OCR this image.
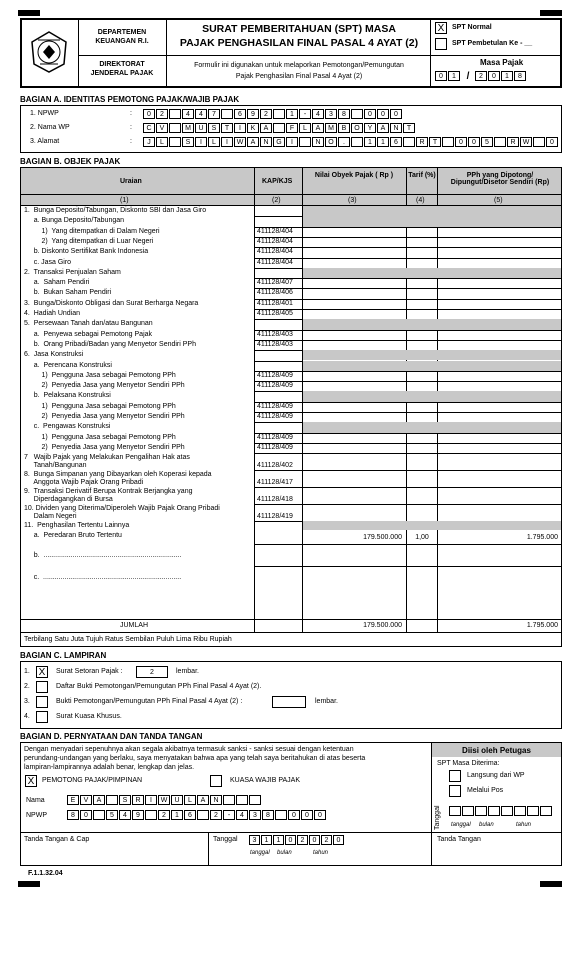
DEPARTEMEN
KEUANGAN R.I.
DIREKTORAT
JENDERAL PAJAK
SURAT PEMBERITAHUAN (SPT) MASA
PAJAK PENGHASILAN FINAL PASAL 4 AYAT (2)
Formulir ini digunakan untuk melaporkan Pemotongan/Pemungutan
Pajak Penghasilan Final Pasal 4 Ayat (2)
X	SPT Normal
SPT Pembetulan Ke - __
Masa Pajak
0 1 / 2 0 1 8
BAGIAN A. IDENTITAS PEMOTONG PAJAK/WAJIB PAJAK
1. NPWP	:	0 2	4 4 7	6 9 2	1 - 4 3 8	0 0 0
2. Nama WP	:	C V	M U S T I K A	F L A M B O Y A N T
3. Alamat	:	J L	S I L I W A N G I	N O .	1 1 6	R T	0 0 5	R W	0
BAGIAN B. OBJEK PAJAK
Uraian	KAP/KJS
Nilai Obyek Pajak ( Rp )	Tarif (%)	PPh yang Dipotong/ Dipungut/Disetor Sendiri (Rp)
(1)	(2)	(3)	(4)	(5)
1.  Bunga Deposito/Tabungan, Diskonto SBI dan Jasa Giro
a. Bunga Deposito/Tabungan
1)  Yang ditempatkan di Dalam Negeri	411128/404
2)  Yang ditempatkan di Luar Negeri	411128/404
b. Diskonto Sertifikat Bank Indonesia	411128/404
c. Jasa Giro	411128/404
2.  Transaksi Penjualan Saham
a.  Saham Pendiri	411128/407
b.  Bukan Saham Pendiri	411128/406
3.  Bunga/Diskonto Obligasi dan Surat Berharga Negara	411128/401
4.  Hadiah Undian	411128/405
5.  Persewaan Tanah dan/atau Bangunan
a.  Penyewa sebagai Pemotong Pajak	411128/403
b.  Orang Pribadi/Badan yang Menyetor Sendiri PPh	411128/403
6.  Jasa Konstruksi
a.  Perencana Konstruksi
1)  Pengguna Jasa sebagai Pemotong PPh	411128/409
2)  Penyedia Jasa yang Menyetor Sendiri PPh	411128/409
b.  Pelaksana Konstruksi
1)  Pengguna Jasa sebagai Pemotong PPh	411128/409
2)  Penyedia Jasa yang Menyetor Sendiri PPh	411128/409
c.  Pengawas Konstruksi
1)  Pengguna Jasa sebagai Pemotong PPh	411128/409
2)  Penyedia Jasa yang Menyetor Sendiri PPh	411128/409
7   Wajib Pajak yang Melakukan Pengalihan Hak atas
Tanah/Bangunan	411128/402
8.  Bunga Simpanan yang Dibayarkan oleh Koperasi kepada
Anggota Wajib Pajak Orang Pribadi	411128/417
9.  Transaksi Derivatif Berupa Kontrak Berjangka yang
Diperdagangkan di Bursa	411128/418
10. Dividen yang Diterima/Diperoleh Wajib Pajak Orang Pribadi
Dalam Negeri	411128/419
11.  Penghasilan Tertentu Lainnya
a.  Peredaran Bruto Tertentu	179.500.000	1,00	1.795.000
b.  .......................................................................
c.  .......................................................................
JUMLAH	179.500.000	1.795.000
Terbilang Satu Juta Tujuh Ratus Sembilan Puluh Lima Ribu Rupiah
BAGIAN C. LAMPIRAN
1. X	Surat Setoran Pajak :	2	lembar.
2.	Daftar Bukti Pemotongan/Pemungutan PPh Final Pasal 4 Ayat (2).
3.	Bukti Pemotongan/Pemungutan PPh Final Pasal 4 Ayat (2) :	lembar.
4.	Surat Kuasa Khusus.
BAGIAN D. PERNYATAAN DAN TANDA TANGAN
Dengan menyadari sepenuhnya akan segala akibatnya termasuk sanksi - sanksi sesuai dengan ketentuan
perundang-undangan yang berlaku, saya menyatakan bahwa apa yang telah saya beritahukan di atas beserta
lampiran-lampirannya adalah benar, lengkap dan jelas.
X	PEMOTONG PAJAK/PIMPINAN	KUASA WAJIB PAJAK
Nama	E V A	S R I W U L A N
NPWP	8 0	5 4 9	2 1 6	2 - 4 3 8	0 0 0
Tanda Tangan & Cap	Tanggal	3 1 1 0 2 0 2 0
tanggal bulan	tahun
Diisi oleh Petugas
SPT Masa Diterima:
Langsung dari WP
Melalui Pos
Tanggal	tanggal bulan	tahun
Tanda Tangan
F.1.1.32.04
